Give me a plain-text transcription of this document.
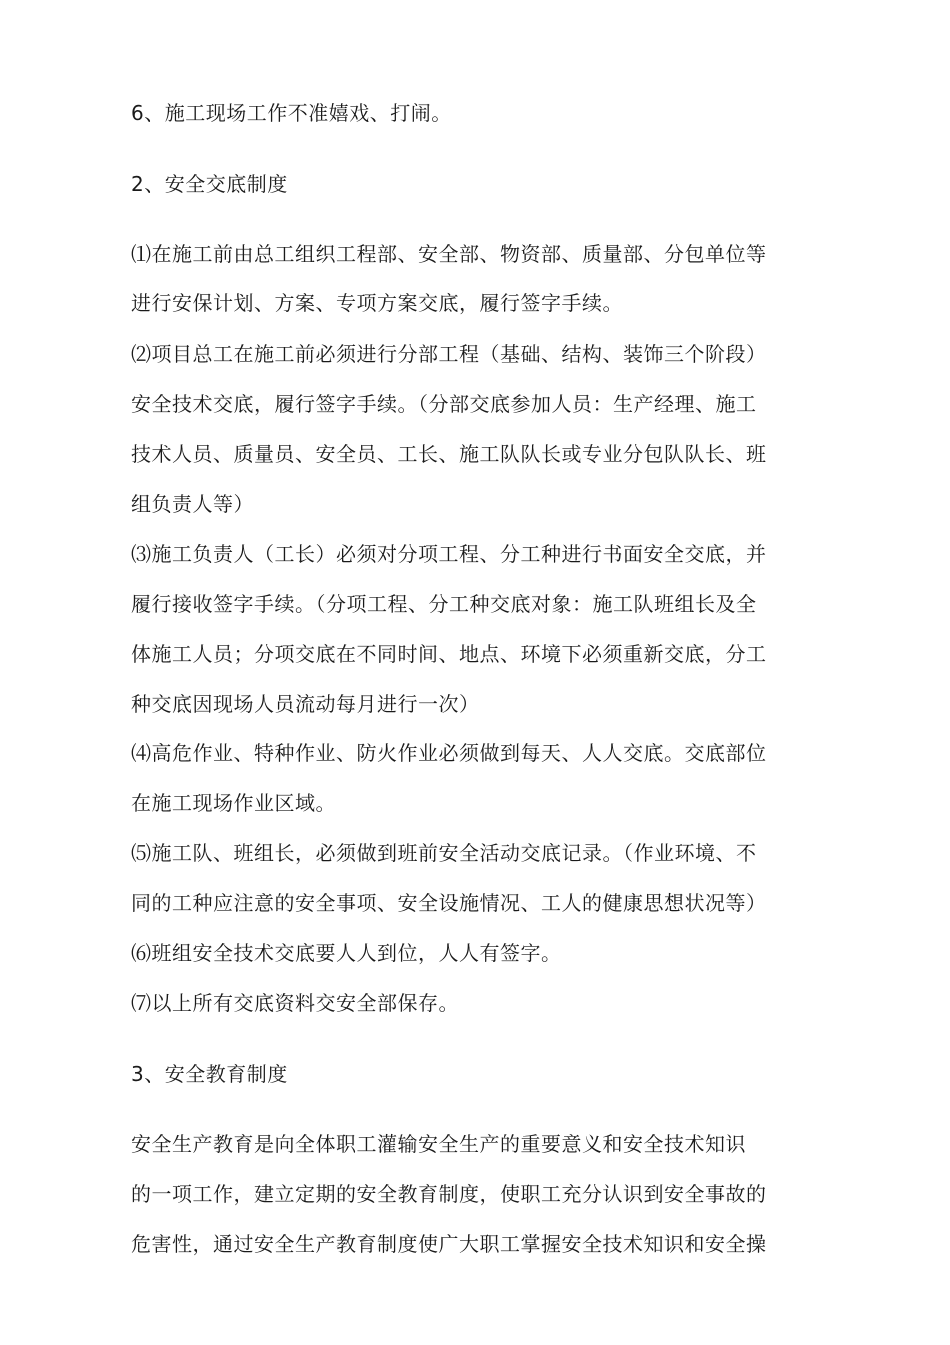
6、施工现场工作不准嬉戏、打闹。
2、安全交底制度
⑴在施工前由总工组织工程部、安全部、物资部、质量部、分包单位等
进行安保计划、方案、专项方案交底，履行签字手续。
⑵项目总工在施工前必须进行分部工程（基础、结构、装饰三个阶段）
安全技术交底，履行签字手续。（分部交底参加人员：生产经理、施工
技术人员、质量员、安全员、工长、施工队队长或专业分包队队长、班
组负责人等）
⑶施工负责人（工长）必须对分项工程、分工种进行书面安全交底，并
履行接收签字手续。（分项工程、分工种交底对象：施工队班组长及全
体施工人员；分项交底在不同时间、地点、环境下必须重新交底，分工
种交底因现场人员流动每月进行一次）
⑷高危作业、特种作业、防火作业必须做到每天、人人交底。交底部位
在施工现场作业区域。
⑸施工队、班组长，必须做到班前安全活动交底记录。（作业环境、不
同的工种应注意的安全事项、安全设施情况、工人的健康思想状况等）
⑹班组安全技术交底要人人到位，人人有签字。
⑺以上所有交底资料交安全部保存。
3、安全教育制度
安全生产教育是向全体职工灌输安全生产的重要意义和安全技术知识
的一项工作，建立定期的安全教育制度，使职工充分认识到安全事故的
危害性，通过安全生产教育制度使广大职工掌握安全技术知识和安全操
